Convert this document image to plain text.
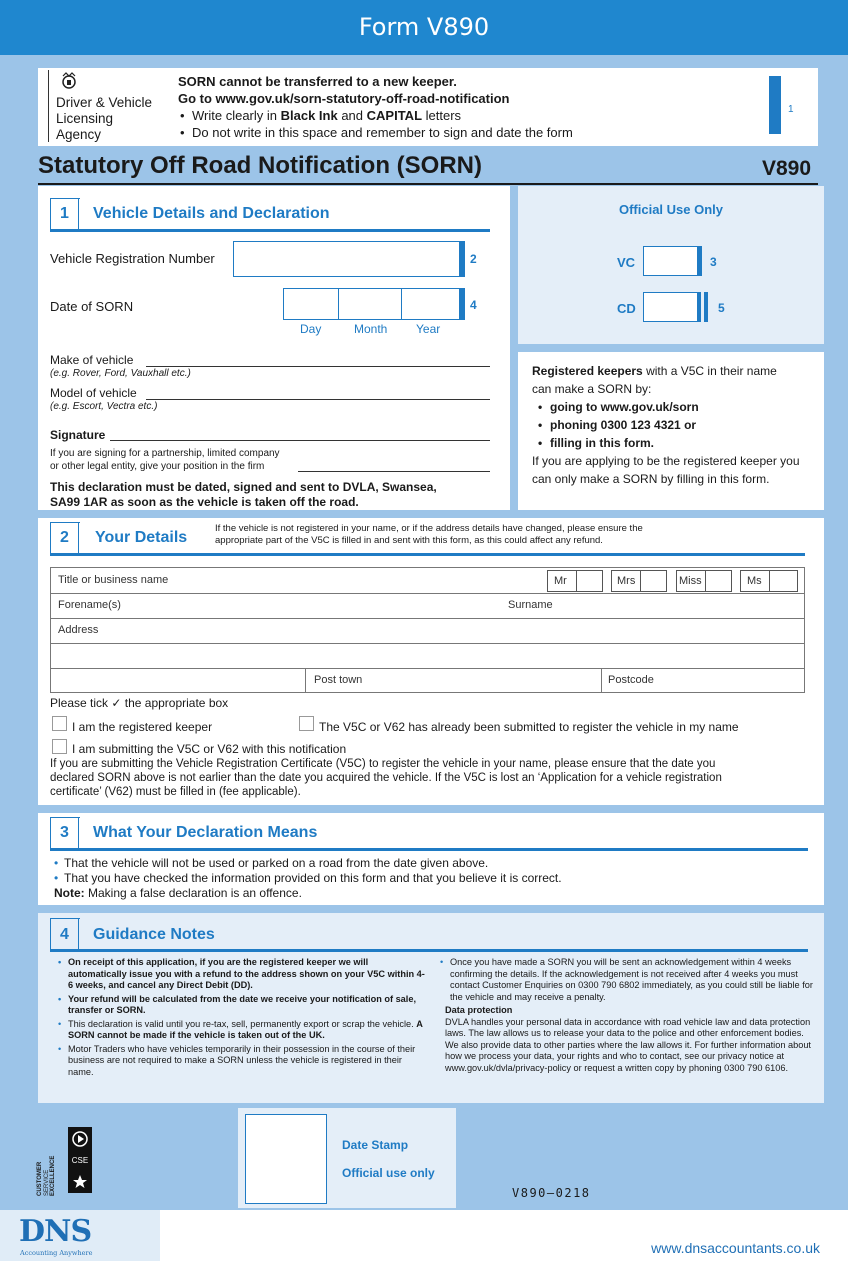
Form V890
Driver & Vehicle
Licensing
Agency
SORN cannot be transferred to a new keeper.
Go to www.gov.uk/sorn-statutory-off-road-notification
• Write clearly in Black Ink and CAPITAL letters
• Do not write in this space and remember to sign and date the form
1
Statutory Off Road Notification (SORN)	V890
1 Vehicle Details and Declaration
Vehicle Registration Number	2
Date of SORN	4
Day	Month Year
Make of vehicle
(e.g. Rover, Ford, Vauxhall etc.)
Model of vehicle
(e.g. Escort, Vectra etc.)
Signature
If you are signing for a partnership, limited company
or other legal entity, give your position in the firm
This declaration must be dated, signed and sent to DVLA, Swansea,
SA99 1AR as soon as the vehicle is taken off the road.
Official Use Only
VC	3
CD	5
Registered keepers with a V5C in their name
can make a SORN by:
• going to www.gov.uk/sorn
• phoning 0300 123 4321 or
• filling in this form.
If you are applying to be the registered keeper you
can only make a SORN by filling in this form.
2 Your Details
If the vehicle is not registered in your name, or if the address details have changed, please ensure the
appropriate part of the V5C is filled in and sent with this form, as this could affect any refund.
Title or business name	Mr	Mrs	Miss	Ms
Forename(s)	Surname
Address
Post town	Postcode
Please tick ✓ the appropriate box
I am the registered keeper	The V5C or V62 has already been submitted to register the vehicle in my name
I am submitting the V5C or V62 with this notification
If you are submitting the Vehicle Registration Certificate (V5C) to register the vehicle in your name, please ensure that the date you
declared SORN above is not earlier than the date you acquired the vehicle. If the V5C is lost an ‘Application for a vehicle registration
certificate’ (V62) must be filled in (fee applicable).
3 What Your Declaration Means
• That the vehicle will not be used or parked on a road from the date given above.
• That you have checked the information provided on this form and that you believe it is correct.
Note: Making a false declaration is an offence.
4 Guidance Notes
• On receipt of this application, if you are the registered keeper we will automatically issue you with a refund to the address shown on your V5C within 4-6 weeks, and cancel any Direct Debit (DD).
• Your refund will be calculated from the date we receive your notification of sale, transfer or SORN.
• This declaration is valid until you re-tax, sell, permanently export or scrap the vehicle. A SORN cannot be made if the vehicle is taken out of the UK.
• Motor Traders who have vehicles temporarily in their possession in the course of their business are not required to make a SORN unless the vehicle is registered in their name.
• Once you have made a SORN you will be sent an acknowledgement within 4 weeks confirming the details. If the acknowledgement is not received after 4 weeks you must contact Customer Enquiries on 0300 790 6802 immediately, as you could still be liable for the vehicle and may receive a penalty.
Data protection
DVLA handles your personal data in accordance with road vehicle law and data protection laws. The law allows us to release your data to the police and other enforcement bodies. We also provide data to other parties where the law allows it. For further information about how we process your data, your rights and who to contact, see our privacy notice at www.gov.uk/dvla/privacy-policy or request a written copy by phoning 0300 790 6106.
Date Stamp
Official use only
V890–0218
CUSTOMER SERVICE EXCELLENCE	CSE
DNS
Accounting Anywhere	www.dnsaccountants.co.uk
